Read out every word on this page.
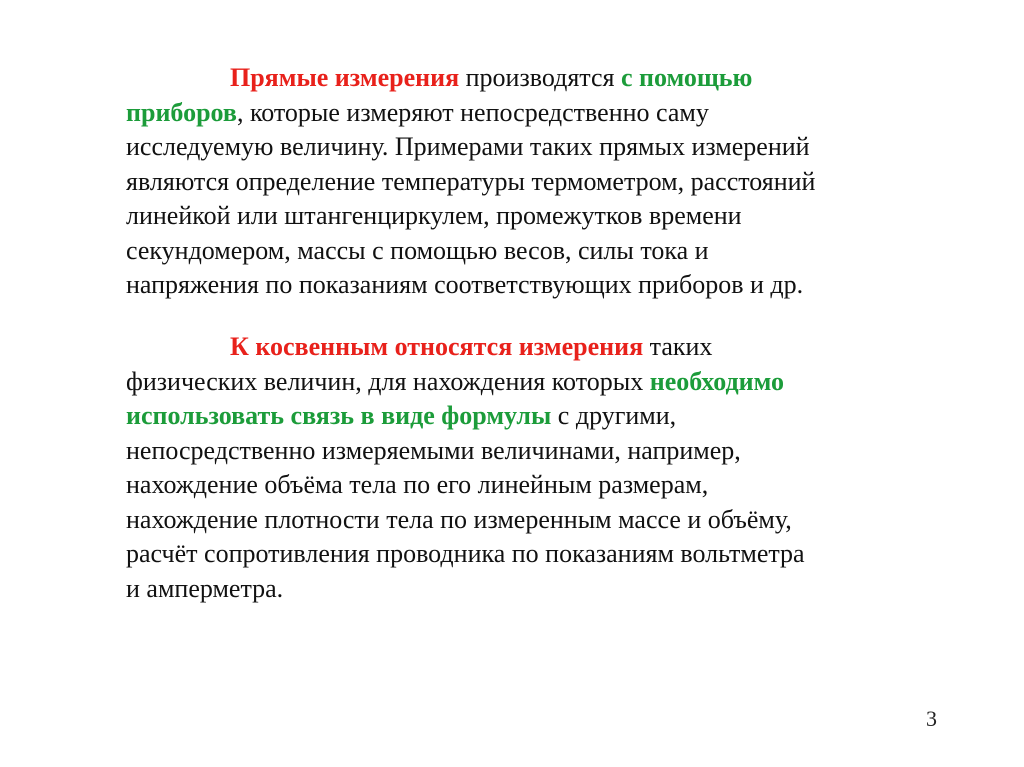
Прямые измерения производятся с помощью
приборов, которые измеряют непосредственно саму
исследуемую величину. Примерами таких прямых измерений
являются определение температуры термометром, расстояний
линейкой или штангенциркулем, промежутков времени
секундомером, массы с помощью весов, силы тока и
напряжения по показаниям соответствующих приборов и др.
К косвенным относятся измерения таких
физических величин, для нахождения которых необходимо
использовать связь в виде формулы с другими,
непосредственно измеряемыми величинами, например,
нахождение объёма тела по его линейным размерам,
нахождение плотности тела по измеренным массе и объёму,
расчёт сопротивления проводника по показаниям вольтметра
и амперметра.
3
